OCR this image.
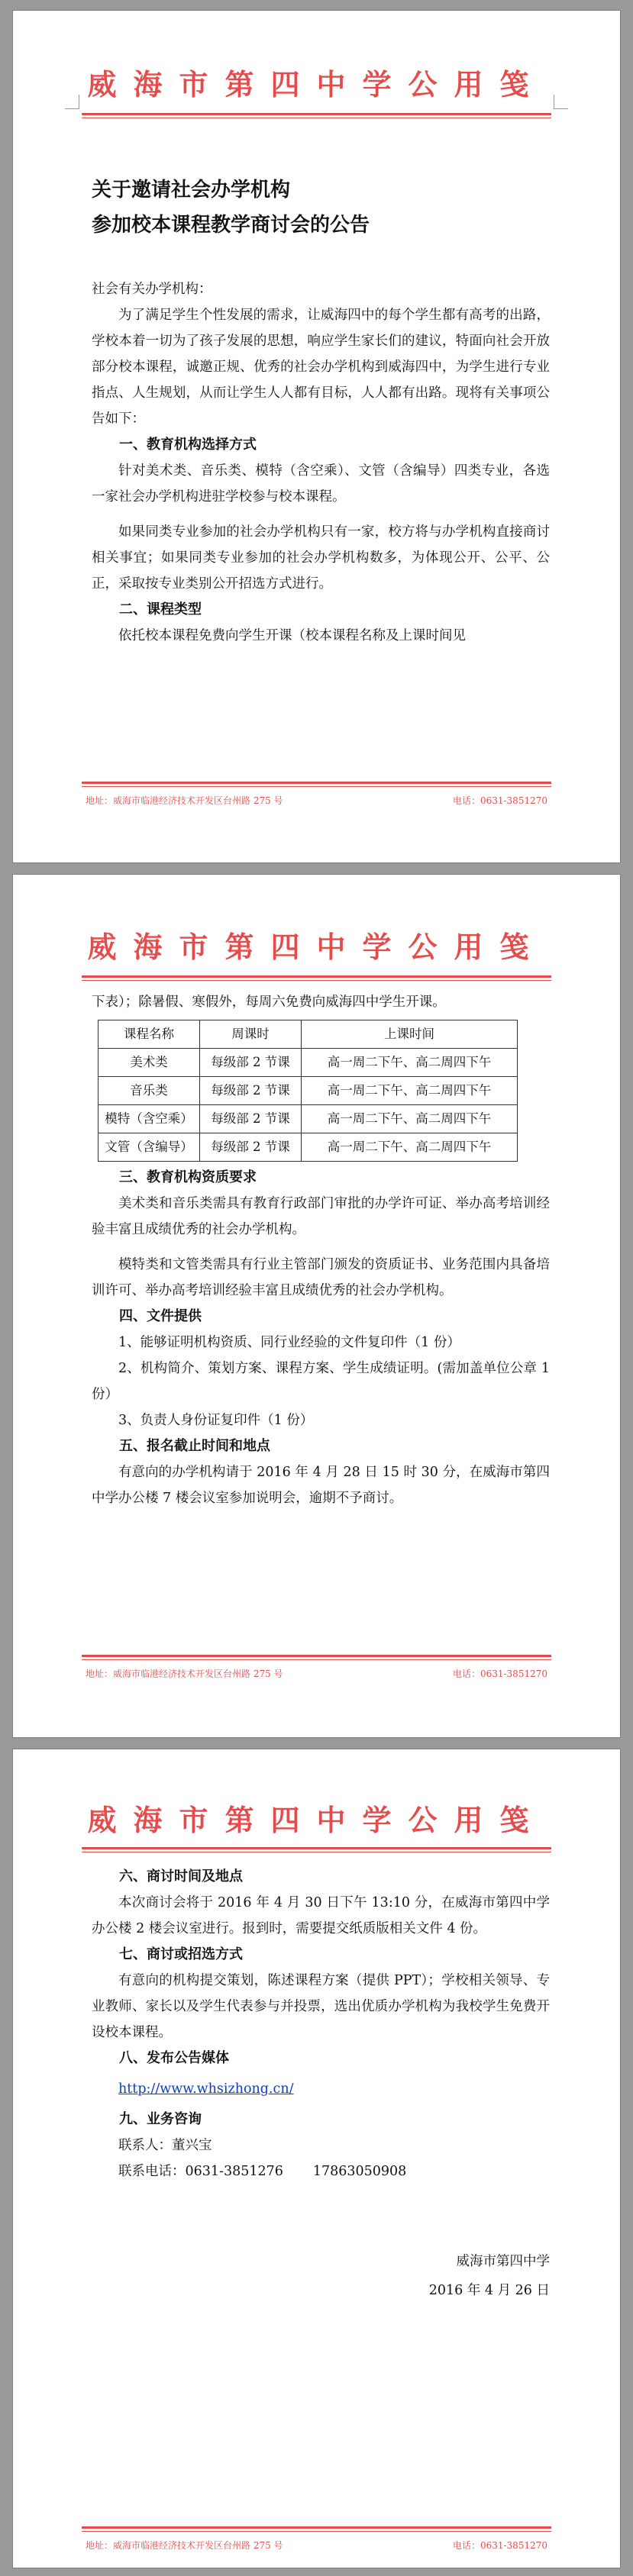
威海市第四中学公用笺

关于邀请社会办学机构

参加校本课程教学商讨会的公告

社会有关办学机构：

为了满足学生个性发展的需求，让威海四中的每个学生都有高考的出路，学校本着一切为了孩子发展的思想，响应学生家长们的建议，特面向社会开放部分校本课程，诚邀正规、优秀的社会办学机构到威海四中，为学生进行专业指点、人生规划，从而让学生人人都有目标，人人都有出路。现将有关事项公告如下：

一、教育机构选择方式

针对美术类、音乐类、模特（含空乘）、文管（含编导）四类专业，各选一家社会办学机构进驻学校参与校本课程。

如果同类专业参加的社会办学机构只有一家，校方将与办学机构直接商讨相关事宜；如果同类专业参加的社会办学机构数多，为体现公开、公平、公正，采取按专业类别公开招选方式进行。

二、课程类型

依托校本课程免费向学生开课（校本课程名称及上课时间见

地址：威海市临港经济技术开发区台州路 275 号	电话：0631-3851270
威海市第四中学公用笺

下表）；除暑假、寒假外，每周六免费向威海四中学生开课。

课程名称	周课时	上课时间
美术类	每级部 2 节课	高一周二下午、高二周四下午
音乐类	每级部 2 节课	高一周二下午、高二周四下午
模特（含空乘）	每级部 2 节课	高一周二下午、高二周四下午
文管（含编导）	每级部 2 节课	高一周二下午、高二周四下午

三、教育机构资质要求

美术类和音乐类需具有教育行政部门审批的办学许可证、举办高考培训经验丰富且成绩优秀的社会办学机构。

模特类和文管类需具有行业主管部门颁发的资质证书、业务范围内具备培训许可、举办高考培训经验丰富且成绩优秀的社会办学机构。

四、文件提供

1、能够证明机构资质、同行业经验的文件复印件（1 份）

2、机构简介、策划方案、课程方案、学生成绩证明。(需加盖单位公章 1 份）

3、负责人身份证复印件（1 份）

五、报名截止时间和地点

有意向的办学机构请于 2016 年 4 月 28 日 15 时 30 分，在威海市第四中学办公楼 7 楼会议室参加说明会，逾期不予商讨。

地址：威海市临港经济技术开发区台州路 275 号	电话：0631-3851270
威海市第四中学公用笺

六、商讨时间及地点

本次商讨会将于 2016 年 4 月 30 日下午 13:10 分，在威海市第四中学办公楼 2 楼会议室进行。报到时，需要提交纸质版相关文件 4 份。

七、商讨或招选方式

有意向的机构提交策划，陈述课程方案（提供 PPT）；学校相关领导、专业教师、家长以及学生代表参与并投票，选出优质办学机构为我校学生免费开设校本课程。

八、发布公告媒体

http://www.whsizhong.cn/

九、业务咨询

联系人：董兴宝

联系电话：0631-3851276       17863050908

威海市第四中学

2016 年 4 月 26 日

地址：威海市临港经济技术开发区台州路 275 号	电话：0631-3851270
